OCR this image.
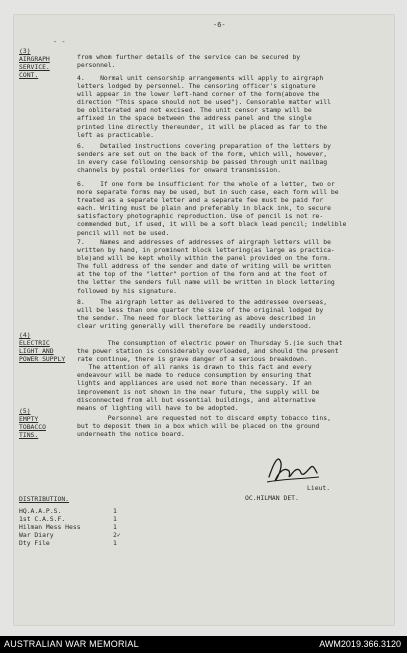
-6-
- -
(3)
AIRGRAPH
SERVICE.
CONT.
from whom further details of the service can be secured by
personnel.
4.    Normal unit censorship arrangements will apply to airgraph
letters lodged by personnel. The censoring officer's signature
will appear in the lower left-hand corner of the form(above the
direction "This space should not be used"). Censorable matter will
be obliterated and not excised. The unit censor stamp will be
affixed in the space between the address panel and the single
printed line directly thereunder, it will be placed as far to the
left as practicable.
6.    Detailed instructions covering preparation of the letters by
senders are set out on the back of the form, which will, however,
in every case following censorship be passed through unit mailbag
channels by postal orderlies for onward transmission.
6.    If one form be insufficient for the whole of a letter, two or
more separate forms may be used, but in such case, each form will be
treated as a separate letter and a separate fee must be paid for
each. Writing must be plain and preferably in black ink, to secure
satisfactory photographic reproduction. Use of pencil is not re-
commended but, if used, it will be a soft black lead pencil; indelible
pencil will not be used.
7.    Names and addresses of addresses of airgraph letters will be
written by hand, in prominent block lettering(as large as practica-
ble)and will be kept wholly within the panel provided on the form.
The full address of the sender and date of writing will be written
at the top of the "letter" portion of the form and at the foot of
the letter the senders full name will be written in block lettering
followed by his signature.
8.    The airgraph letter as delivered to the addressee overseas,
will be less than one quarter the size of the original lodged by
the sender. The need for block lettering as above described in
clear writing generally will therefore be readily understood.
(4)
ELECTRIC
LIGHT AND
POWER SUPPLY
The consumption of electric power on Thursday 5.(ie such that
the power station is considerably overloaded, and should the present
rate continue, there is grave danger of a serious breakdown.
The attention of all ranks is drawn to this fact and every
endeavour will be made to reduce consumption by ensuring that
lights and appliances are used not more than necessary. If an
improvement is not shown in the near future, the supply will be
disconnected from all but essential buildings, and alternative
means of lighting will have to be adopted.
(5)
EMPTY
TOBACCO
TINS.
Personnel are requested not to discard empty tobacco tins,
but to deposit them in a box which will be placed on the ground
underneath the notice board.
Lieut.
OC.HILMAN DET.
DISTRIBUTION.
HQ.A.A.P.S.	1
1st C.A.S.F.	1
Hilman Mess Hess	1
War Diary	2✓
Dty File	1
AUSTRALIAN WAR MEMORIAL	AWM2019.366.3120
